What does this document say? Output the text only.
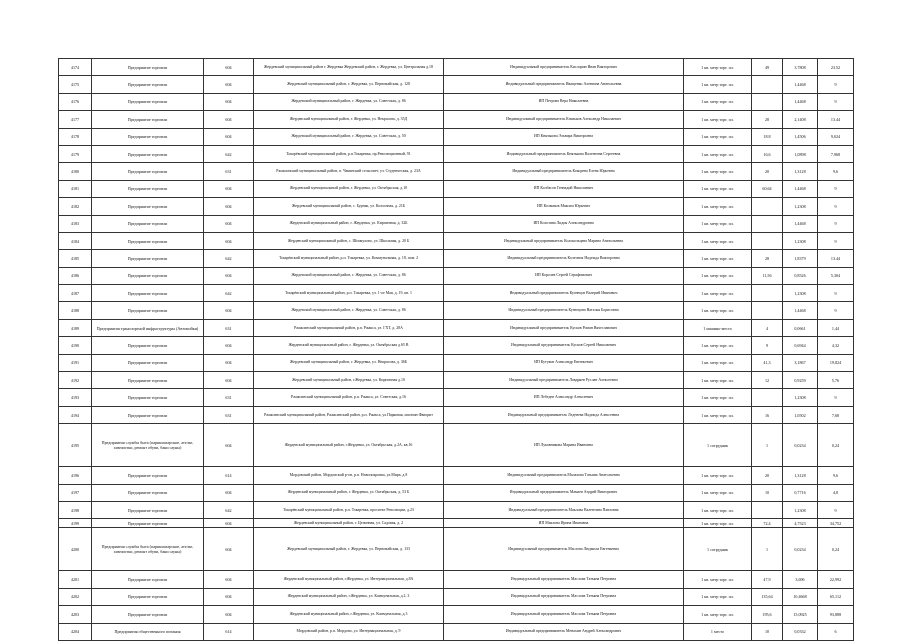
4174	Предприятие торговли	604	Жердевский муниципальный район г. Жердевка Жердевский район, г. Жердевка, ул. Центральная д.18	Индивидуальный предприниматель Кислорин Иван Викторович	1 кв. метр торг. пл.	49	3.7808	23.52
4175	Предприятие торговли	604	Жердевский муниципальный район, г. Жердевка, ул. Первомайская, д. 128	Индивидуальный предприниматель Иващенко Алевтина Анатольевна	1 кв. метр торг. пл.		1,4468	9
4176	Предприятие торговли	604	Жердевский муниципальный район, г. Жердевка, ул. Советская, д. 86	ИП Петрова Вера Николаевна	1 кв. метр торг. пл.		1,4468	9
4177	Предприятие торговли	604	Жердевский муниципальный район, г. Жердевка, ул. Некрасова, д. 35Д	Индивидуальный предприниматель Князьков Александр Николаевич	1 кв. метр торг. пл.	28	2,1408	13.44
4178	Предприятие торговли	604	Жердевский муниципальный район, г. Жердевка, ул. Советская, д. 50	ИП Князькова Эльвира Викторовна	1 кв. метр торг. пл.	18.8	1,4506	9,024
4179	Предприятие торговли	642	Токарёвский муниципальный район, р.п.Токаревка, пр.Революционный, 91	Индивидуальный предприниматель Князькова Валентина Сергеевна	1 кв. метр торг. пл.	16,6	1,0898	7,968
4180	Предприятие торговли	631	Ржаксинский муниципальный район, п. Чакинский сельсовет, ул. Студенческая, д. 23А	Индивидуальный предприниматель Кокорева Елена Юрьевна	1 кв. метр торг. пл.	20	1,3128	9,6
4181	Предприятие торговли	604	Жердевский муниципальный район, г. Жердевка, ул. Октябрьская, д.10	ИП Колбасов Геннадий Николаевич	1 кв. метр торг. пл.	60,64	1,4468	9
4182	Предприятие торговли	604	Жердевский муниципальный район, с. Бурнак, ул. Колхозная, д. 21Б	ИП Колмаков Максим Юрьевич	1 кв. метр торг. пл.		1,2308	9
4183	Предприятие торговли	604	Жердевский муниципальный район, г. Жердевка, ул. Кирпичная, д. 32Б	ИП Колозина Лидия Александровна	1 кв. метр торг. пл.		1,4468	9
4184	Предприятие торговли	604	Жердевский муниципальный район, с. Шпикулово, ул. Школьная, д. 20 Б	Индивидуальный предприниматель Колокольцева Марина Анатольевна	1 кв. метр торг. пл.		1,2308	9
4185	Предприятие торговли	642	Токарёвский муниципальный район, р.п. Токаревка, ул. Коммунальная, д. 18, пом. 2	Индивидуальный предприниматель Колесник Надежда Викторовна	1 кв. метр торг. пл.	28	1,8379	13.44
4186	Предприятие торговли	604	Жердевский муниципальный район, г. Жердевка, ул. Советская, д. 86	ИП Королев Сергей Серафимович	1 кв. метр торг. пл.	11,56	0,8526	5,304
4187	Предприятие торговли	642	Токарёвский муниципальный район, р.п. Токаревка, ул. 1-ое Мая, д. 19, кв. 1	Индивидуальный предприниматель Кузнецов Валерий Иванович	1 кв. метр торг. пл.		1,2308	9
4188	Предприятие торговли	604	Жердевский муниципальный район, г. Жердевка, ул. Советская, д. 86	Индивидуальный предприниматель Кузнецова Наталья Борисовна	1 кв. метр торг. пл.		1,4468	9
4189	Предприятия транспортной инфраструктуры (Автомойки)	631	Ржаксинский муниципальный район, р.п. Ржакса, ул. ГХТ, д. 28А	Индивидуальный предприниматель Кусков Роман Вячеславович	1 машино-место	4	0,0661	1,44
4190	Предприятие торговли	604	Жердевский муниципальный район, г. Жердевка, ул. Октябрьская д.65 В	Индивидуальный предприниматель Кусков Сергей Николаевич	1 кв. метр торг. пл.	9	0,6944	4,32
4191	Предприятие торговли	604	Жердевский муниципальный район, г. Жердевка, ул. Некрасова, д. 36Б	ИП Кутуков Александр Евгеньевич	1 кв. метр торг. пл.	41,3	3,1867	19,824
4192	Предприятие торговли	604	Жердевский муниципальный район, г.Жердевка, ул. Кирпичная д.10	Индивидуальный предприниматель Лавдряев Руслан Алексеевич	1 кв. метр торг. пл.	12	0,9259	5,76
4193	Предприятие торговли	631	Ржаксинский муниципальный район, р.п. Ржакса, ул. Советская, д.16	ИП Лебедев Александр Алексеевич	1 кв. метр торг. пл.		1,2308	9
4194	Предприятие торговли	631	Ржаксинский муниципальный район, Ржаксинский район, р.п. Ржакса, ул.Парковая, магазин Фаворит	Индивидуальный предприниматель Леденева Надежда Алексеевна	1 кв. метр торг. пл.	16	1,0502	7,68
4195	Предприятия службы быта (парикмахерские, ателье, химчистки, ремонт обуви, бани сауны)	604	Жердевский муниципальный район, г.Жердевка, ул. Октябрьская, д.2А, кв.16	ИП Луковникова Марина Ивановна	1 сотрудник	1	0,0234	0,24
4196	Предприятие торговли	614	Мордовский район, Мордовский р-он, р.п. Новопокровка, ул.Мира, д.8	Индивидуальный предприниматель Малахова Татьяна Анатольевна	1 кв. метр торг. пл.	20	1,3128	9,6
4197	Предприятие торговли	604	Жердевский муниципальный район, г. Жердевка, ул. Октябрьская, д. 53 Б	Индивидуальный предприниматель Мамаев Андрей Викторович	1 кв. метр торг. пл.	10	0,7716	4,8
4198	Предприятие торговли	642	Токарёвский муниципальный район, р.п. Токаревка, проспект Революции, д.23	Индивидуальный предприниматель Маклова Валентина Павловна	1 кв. метр торг. пл.		1,2308	9
4199	Предприятие торговли	604	Жердевский муниципальный район, г. Целинная, ул. Садовая, д. 2	ИП Маклова Ирина Ивановна	1 кв. метр торг. пл.	72,4	4,7523	34,752
4200	Предприятия службы быта (парикмахерские, ателье, химчистки, ремонт обуви, бани сауны)	604	Жердевский муниципальный район, г. Жердевка, ул. Первомайская, д. 133	Индивидуальный предприниматель Маслова Людмила Евгеньевна	1 сотрудник	1	0,0234	0,24
4201	Предприятие торговли	604	Жердевский муниципальный район, г.Жердевка, ул. Интернациональная, д.8А	Индивидуальный предприниматель Маслова Татьяна Петровна	1 кв. метр торг. пл.	47,9	3,696	22,992
4202	Предприятие торговли	604	Жердевский муниципальный район, г.Жердевка, ул. Коммунальная, д.2, 3	Индивидуальный предприниматель Маслова Татьяна Петровна	1 кв. метр торг. пл.	135,64	10,4668	65,112
4203	Предприятие торговли	604	Жердевский муниципальный район, г.Жердевка, ул. Коммунальная, д.3	Индивидуальный предприниматель Маслова Татьяна Петровна	1 кв. метр торг. пл.	195,6	15,0925	93,888
4204	Предприятия общественного питания	614	Мордовский район, р.п. Мордово, ул. Интернациональная, д. 9	Индивидуальный предприниматель Менахин Андрей Александрович	1 место	10	0,0332	6
